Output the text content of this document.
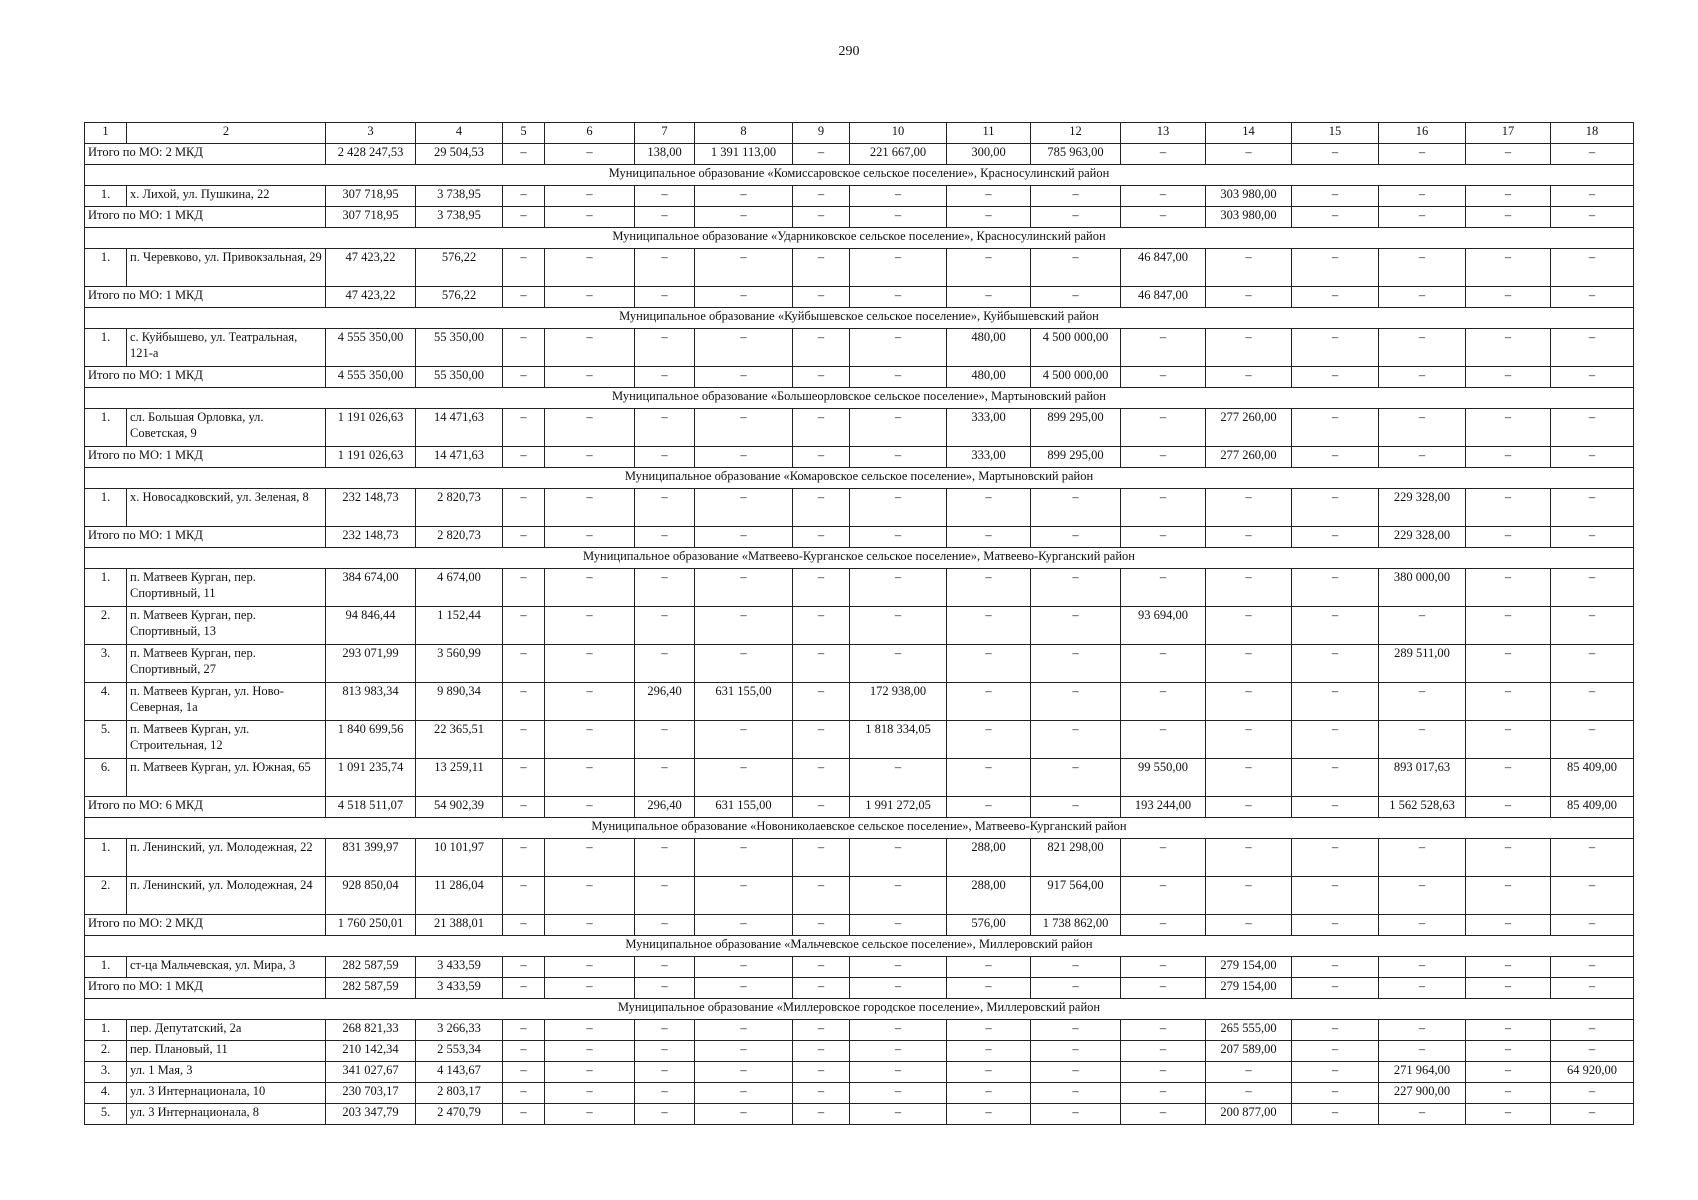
290
1	2	3	4	5	6	7	8	9	10	11	12	13	14	15	16	17	18
Итого по МО: 2 МКД		2 428 247,53	29 504,53	–	–	138,00	1 391 113,00	–	221 667,00	300,00	785 963,00	–	–	–	–	–	–
Муниципальное образование «Комиссаровское сельское поселение», Красносулинский район																	
1.	х. Лихой, ул. Пушкина, 22	307 718,95	3 738,95	–	–	–	–	–	–	–	–	–	303 980,00	–	–	–	–
Итого по МО: 1 МКД		307 718,95	3 738,95	–	–	–	–	–	–	–	–	–	303 980,00	–	–	–	–
Муниципальное образование «Ударниковское сельское поселение», Красносулинский район																	
1.	п. Черевково, ул. Привокзальная, 29	47 423,22	576,22	–	–	–	–	–	–	–	–	46 847,00	–	–	–	–	–
Итого по МО: 1 МКД		47 423,22	576,22	–	–	–	–	–	–	–	–	46 847,00	–	–	–	–	–
Муниципальное образование «Куйбышевское сельское поселение», Куйбышевский район																	
1.	с. Куйбышево, ул. Театральная, 121-а	4 555 350,00	55 350,00	–	–	–	–	–	–	480,00	4 500 000,00	–	–	–	–	–	–
Итого по МО: 1 МКД		4 555 350,00	55 350,00	–	–	–	–	–	–	480,00	4 500 000,00	–	–	–	–	–	–
Муниципальное образование «Большеорловское сельское поселение», Мартыновский район																	
1.	сл. Большая Орловка, ул. Советская, 9	1 191 026,63	14 471,63	–	–	–	–	–	–	333,00	899 295,00	–	277 260,00	–	–	–	–
Итого по МО: 1 МКД		1 191 026,63	14 471,63	–	–	–	–	–	–	333,00	899 295,00	–	277 260,00	–	–	–	–
Муниципальное образование «Комаровское сельское поселение», Мартыновский район																	
1.	х. Новосадковский, ул. Зеленая, 8	232 148,73	2 820,73	–	–	–	–	–	–	–	–	–	–	–	229 328,00	–	–
Итого по МО: 1 МКД		232 148,73	2 820,73	–	–	–	–	–	–	–	–	–	–	–	229 328,00	–	–
Муниципальное образование «Матвеево-Курганское сельское поселение», Матвеево-Курганский район																	
1.	п. Матвеев Курган, пер. Спортивный, 11	384 674,00	4 674,00	–	–	–	–	–	–	–	–	–	–	–	380 000,00	–	–
2.	п. Матвеев Курган, пер. Спортивный, 13	94 846,44	1 152,44	–	–	–	–	–	–	–	–	93 694,00	–	–	–	–	–
3.	п. Матвеев Курган, пер. Спортивный, 27	293 071,99	3 560,99	–	–	–	–	–	–	–	–	–	–	–	289 511,00	–	–
4.	п. Матвеев Курган, ул. Ново-Северная, 1а	813 983,34	9 890,34	–	–	296,40	631 155,00	–	172 938,00	–	–	–	–	–	–	–	–
5.	п. Матвеев Курган, ул. Строительная, 12	1 840 699,56	22 365,51	–	–	–	–	–	1 818 334,05	–	–	–	–	–	–	–	–
6.	п. Матвеев Курган, ул. Южная, 65	1 091 235,74	13 259,11	–	–	–	–	–	–	–	–	99 550,00	–	–	893 017,63	–	85 409,00
Итого по МО: 6 МКД		4 518 511,07	54 902,39	–	–	296,40	631 155,00	–	1 991 272,05	–	–	193 244,00	–	–	1 562 528,63	–	85 409,00
Муниципальное образование «Новониколаевское сельское поселение», Матвеево-Курганский район																	
1.	п. Ленинский, ул. Молодежная, 22	831 399,97	10 101,97	–	–	–	–	–	–	288,00	821 298,00	–	–	–	–	–	–
2.	п. Ленинский, ул. Молодежная, 24	928 850,04	11 286,04	–	–	–	–	–	–	288,00	917 564,00	–	–	–	–	–	–
Итого по МО: 2 МКД		1 760 250,01	21 388,01	–	–	–	–	–	–	576,00	1 738 862,00	–	–	–	–	–	–
Муниципальное образование «Мальчевское сельское поселение», Миллеровский район																	
1.	ст-ца Мальчевская, ул. Мира, 3	282 587,59	3 433,59	–	–	–	–	–	–	–	–	–	279 154,00	–	–	–	–
Итого по МО: 1 МКД		282 587,59	3 433,59	–	–	–	–	–	–	–	–	–	279 154,00	–	–	–	–
Муниципальное образование «Миллеровское городское поселение», Миллеровский район																	
1.	пер. Депутатский, 2а	268 821,33	3 266,33	–	–	–	–	–	–	–	–	–	265 555,00	–	–	–	–
2.	пер. Плановый, 11	210 142,34	2 553,34	–	–	–	–	–	–	–	–	–	207 589,00	–	–	–	–
3.	ул. 1 Мая, 3	341 027,67	4 143,67	–	–	–	–	–	–	–	–	–	–	–	271 964,00	–	64 920,00
4.	ул. 3 Интернационала, 10	230 703,17	2 803,17	–	–	–	–	–	–	–	–	–	–	–	227 900,00	–	–
5.	ул. 3 Интернационала, 8	203 347,79	2 470,79	–	–	–	–	–	–	–	–	–	200 877,00	–	–	–	–
